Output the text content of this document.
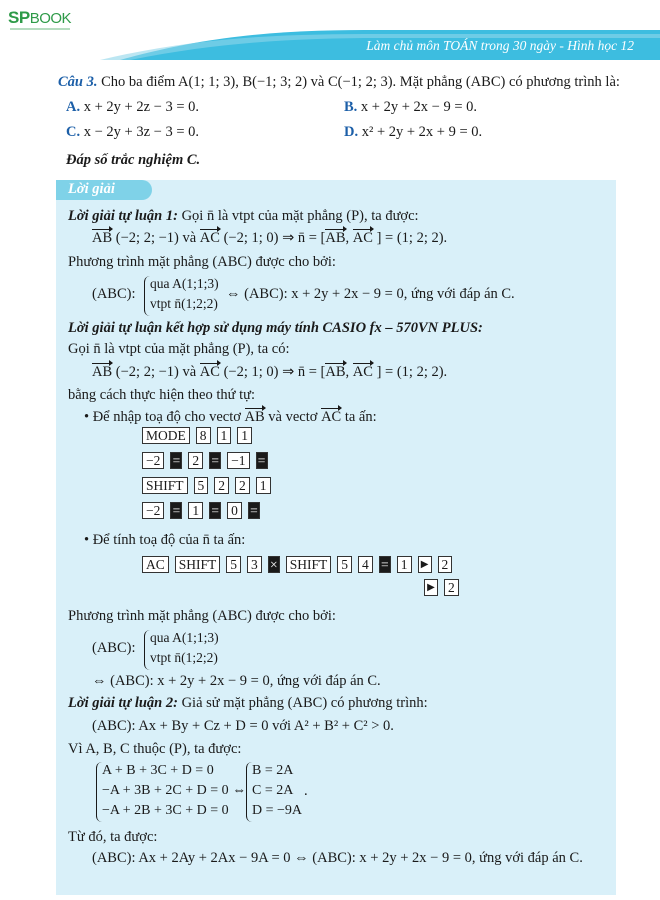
SPBOOK
Làm chủ môn TOÁN trong 30 ngày - Hình học 12
Câu 3. Cho ba điểm A(1; 1; 3), B(−1; 3; 2) và C(−1; 2; 3). Mặt phẳng (ABC) có phương trình là:
A. x + 2y + 2z − 3 = 0.	B. x + 2y + 2x − 9 = 0.
C. x − 2y + 3z − 3 = 0.	D. x² + 2y + 2x + 9 = 0.
Đáp số trắc nghiệm C.
Lời giải
Lời giải tự luận 1: Gọi n̄ là vtpt của mặt phẳng (P), ta được:
AB (−2; 2; −1) và AC (−2; 1; 0) ⇒ n̄ = [AB, AC ] = (1; 2; 2).
Phương trình mặt phẳng (ABC) được cho bởi:
(ABC):
qua A(1;1;3)
vtpt n̄(1;2;2)
⇔ (ABC): x + 2y + 2x − 9 = 0, ứng với đáp án C.
Lời giải tự luận kết hợp sử dụng máy tính CASIO fx – 570VN PLUS:
Gọi n̄ là vtpt của mặt phẳng (P), ta có:
AB (−2; 2; −1) và AC (−2; 1; 0) ⇒ n̄ = [AB, AC ] = (1; 2; 2).
bằng cách thực hiện theo thứ tự:
• Để nhập toạ độ cho vectơ AB và vectơ AC ta ấn:
MODE 8 1 1
−2 = 2 = −1 =
SHIFT 5 2 2 1
−2 = 1 = 0 =
• Để tính toạ độ của n̄ ta ấn:
AC SHIFT 5 3 × SHIFT 5 4 = 1 ▶ 2
▶ 2
Phương trình mặt phẳng (ABC) được cho bởi:
(ABC):
qua A(1;1;3)
vtpt n̄(1;2;2)
⇔ (ABC): x + 2y + 2x − 9 = 0, ứng với đáp án C.
Lời giải tự luận 2: Giả sử mặt phẳng (ABC) có phương trình:
(ABC): Ax + By + Cz + D = 0 với A² + B² + C² > 0.
Vì A, B, C thuộc (P), ta được:
A + B + 3C + D = 0
−A + 3B + 2C + D = 0 ⇔
−A + 2B + 3C + D = 0
B = 2A
C = 2A
D = −9A
.
Từ đó, ta được:
(ABC): Ax + 2Ay + 2Ax − 9A = 0 ⇔ (ABC): x + 2y + 2x − 9 = 0, ứng với đáp án C.
